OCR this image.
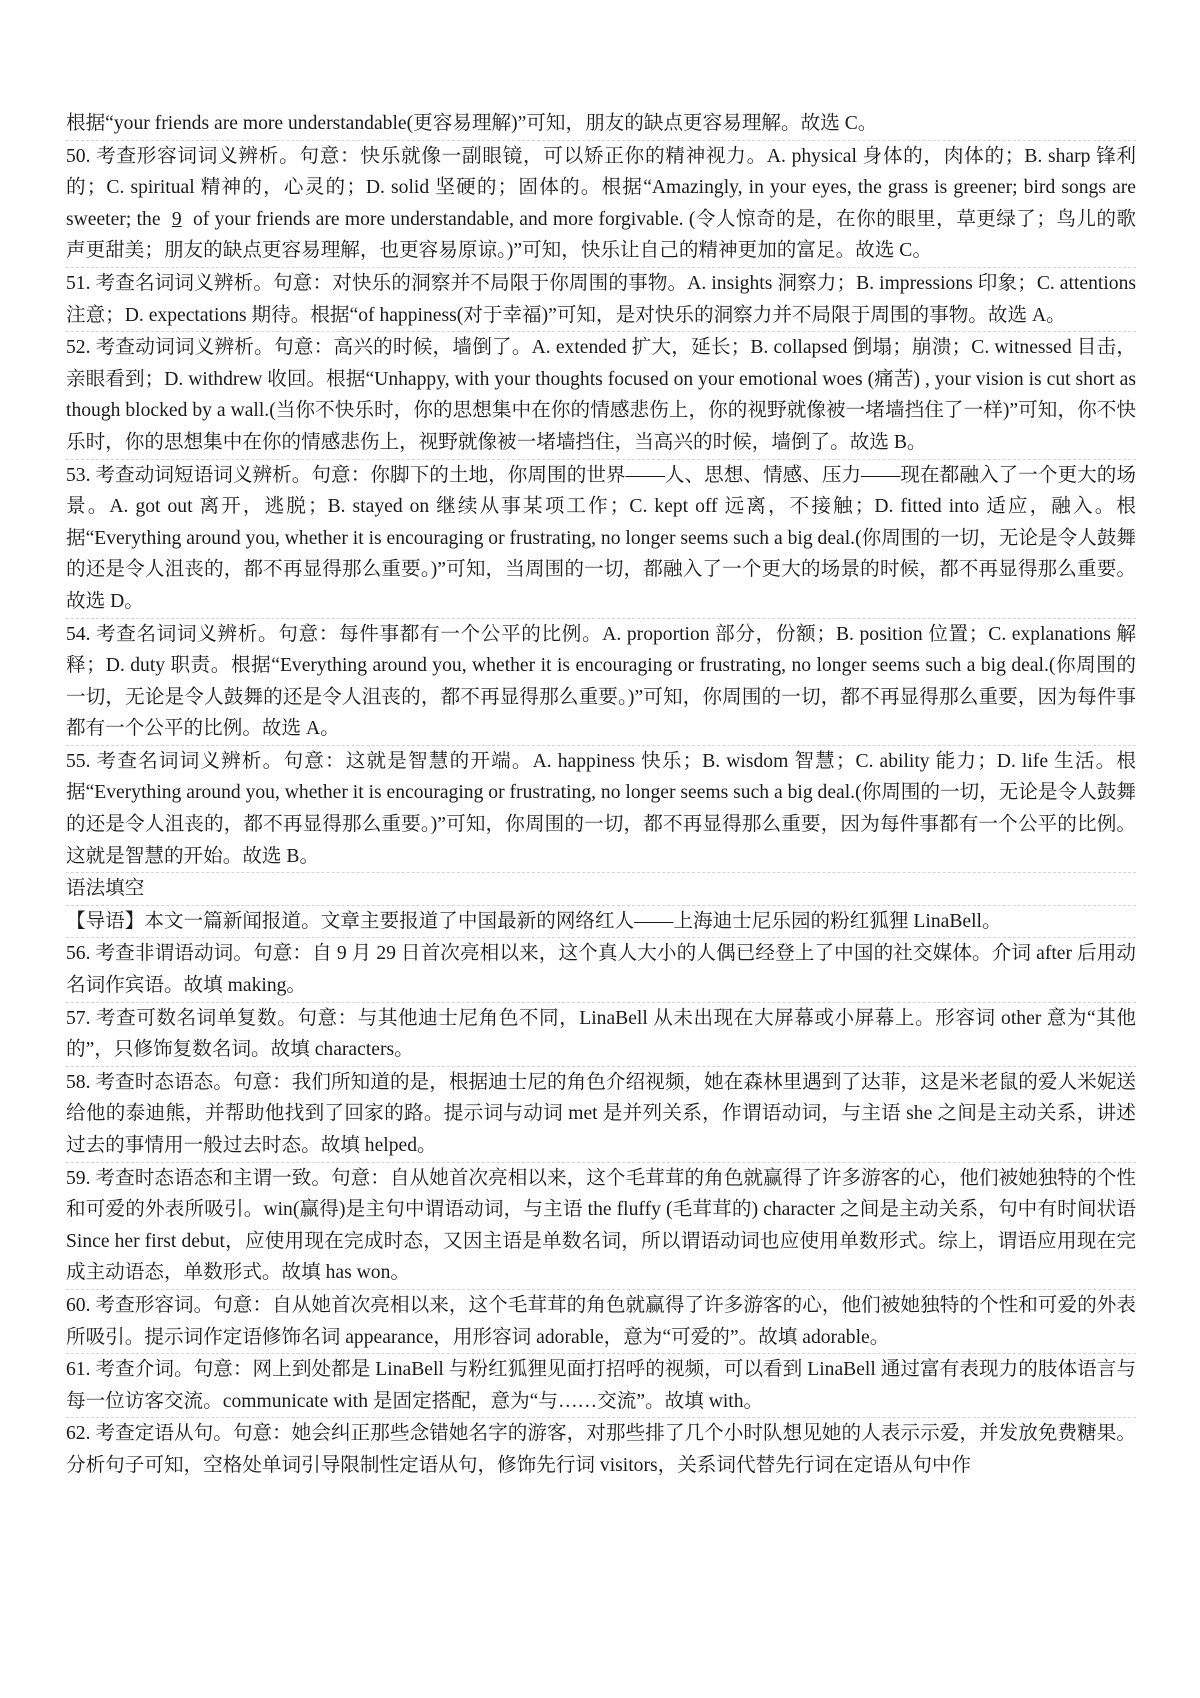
根据“your friends are more understandable(更容易理解)”可知，朋友的缺点更容易理解。故选 C。

50. 考查形容词词义辨析。句意：快乐就像一副眼镜，可以矫正你的精神视力。A. physical 身体的，肉体的；B. sharp 锋利的；C. spiritual 精神的，心灵的；D. solid 坚硬的；固体的。根据“Amazingly, in your eyes, the grass is greener; bird songs are sweeter; the 9 of your friends are more understandable, and more forgivable. (令人惊奇的是，在你的眼里，草更绿了；鸟儿的歌声更甜美；朋友的缺点更容易理解，也更容易原谅。)”可知，快乐让自己的精神更加的富足。故选 C。

51. 考查名词词义辨析。句意：对快乐的洞察并不局限于你周围的事物。A. insights 洞察力；B. impressions 印象；C. attentions 注意；D. expectations 期待。根据“of happiness(对于幸福)”可知，是对快乐的洞察力并不局限于周围的事物。故选 A。

52. 考查动词词义辨析。句意：高兴的时候，墙倒了。A. extended 扩大，延长；B. collapsed 倒塌；崩溃；C. witnessed 目击，亲眼看到；D. withdrew 收回。根据“Unhappy, with your thoughts focused on your emotional woes (痛苦) , your vision is cut short as though blocked by a wall.(当你不快乐时，你的思想集中在你的情感悲伤上，你的视野就像被一堵墙挡住了一样)”可知，你不快乐时，你的思想集中在你的情感悲伤上，视野就像被一堵墙挡住，当高兴的时候，墙倒了。故选 B。

53. 考查动词短语词义辨析。句意：你脚下的土地，你周围的世界——人、思想、情感、压力——现在都融入了一个更大的场景。A. got out 离开，逃脱；B. stayed on 继续从事某项工作；C. kept off 远离，不接触；D. fitted into 适应，融入。根据“Everything around you, whether it is encouraging or frustrating, no longer seems such a big deal.(你周围的一切，无论是令人鼓舞的还是令人沮丧的，都不再显得那么重要。)”可知，当周围的一切，都融入了一个更大的场景的时候，都不再显得那么重要。故选 D。

54. 考查名词词义辨析。句意：每件事都有一个公平的比例。A. proportion 部分，份额；B. position 位置；C. explanations 解释；D. duty 职责。根据“Everything around you, whether it is encouraging or frustrating, no longer seems such a big deal.(你周围的一切，无论是令人鼓舞的还是令人沮丧的，都不再显得那么重要。)”可知，你周围的一切，都不再显得那么重要，因为每件事都有一个公平的比例。故选 A。

55. 考查名词词义辨析。句意：这就是智慧的开端。A. happiness 快乐；B. wisdom 智慧；C. ability 能力；D. life 生活。根据“Everything around you, whether it is encouraging or frustrating, no longer seems such a big deal.(你周围的一切，无论是令人鼓舞的还是令人沮丧的，都不再显得那么重要。)”可知，你周围的一切，都不再显得那么重要，因为每件事都有一个公平的比例。这就是智慧的开始。故选 B。

语法填空

【导语】本文一篇新闻报道。文章主要报道了中国最新的网络红人——上海迪士尼乐园的粉红狐狸 LinaBell。

56. 考查非谓语动词。句意：自 9 月 29 日首次亮相以来，这个真人大小的人偶已经登上了中国的社交媒体。介词 after 后用动名词作宾语。故填 making。

57. 考查可数名词单复数。句意：与其他迪士尼角色不同，LinaBell 从未出现在大屏幕或小屏幕上。形容词 other 意为“其他的”，只修饰复数名词。故填 characters。

58. 考查时态语态。句意：我们所知道的是，根据迪士尼的角色介绍视频，她在森林里遇到了达菲，这是米老鼠的爱人米妮送给他的泰迪熊，并帮助他找到了回家的路。提示词与动词 met 是并列关系，作谓语动词，与主语 she 之间是主动关系，讲述过去的事情用一般过去时态。故填 helped。

59. 考查时态语态和主谓一致。句意：自从她首次亮相以来，这个毛茸茸的角色就赢得了许多游客的心，他们被她独特的个性和可爱的外表所吸引。win(赢得)是主句中谓语动词，与主语 the fluffy (毛茸茸的) character 之间是主动关系，句中有时间状语 Since her first debut，应使用现在完成时态，又因主语是单数名词，所以谓语动词也应使用单数形式。综上，谓语应用现在完成主动语态，单数形式。故填 has won。

60. 考查形容词。句意：自从她首次亮相以来，这个毛茸茸的角色就赢得了许多游客的心，他们被她独特的个性和可爱的外表所吸引。提示词作定语修饰名词 appearance，用形容词 adorable，意为“可爱的”。故填 adorable。

61. 考查介词。句意：网上到处都是 LinaBell 与粉红狐狸见面打招呼的视频，可以看到 LinaBell 通过富有表现力的肢体语言与每一位访客交流。communicate with 是固定搭配，意为“与……交流”。故填 with。

62. 考查定语从句。句意：她会纠正那些念错她名字的游客，对那些排了几个小时队想见她的人表示示爱，并发放免费糖果。分析句子可知，空格处单词引导限制性定语从句，修饰先行词 visitors，关系词代替先行词在定语从句中作
